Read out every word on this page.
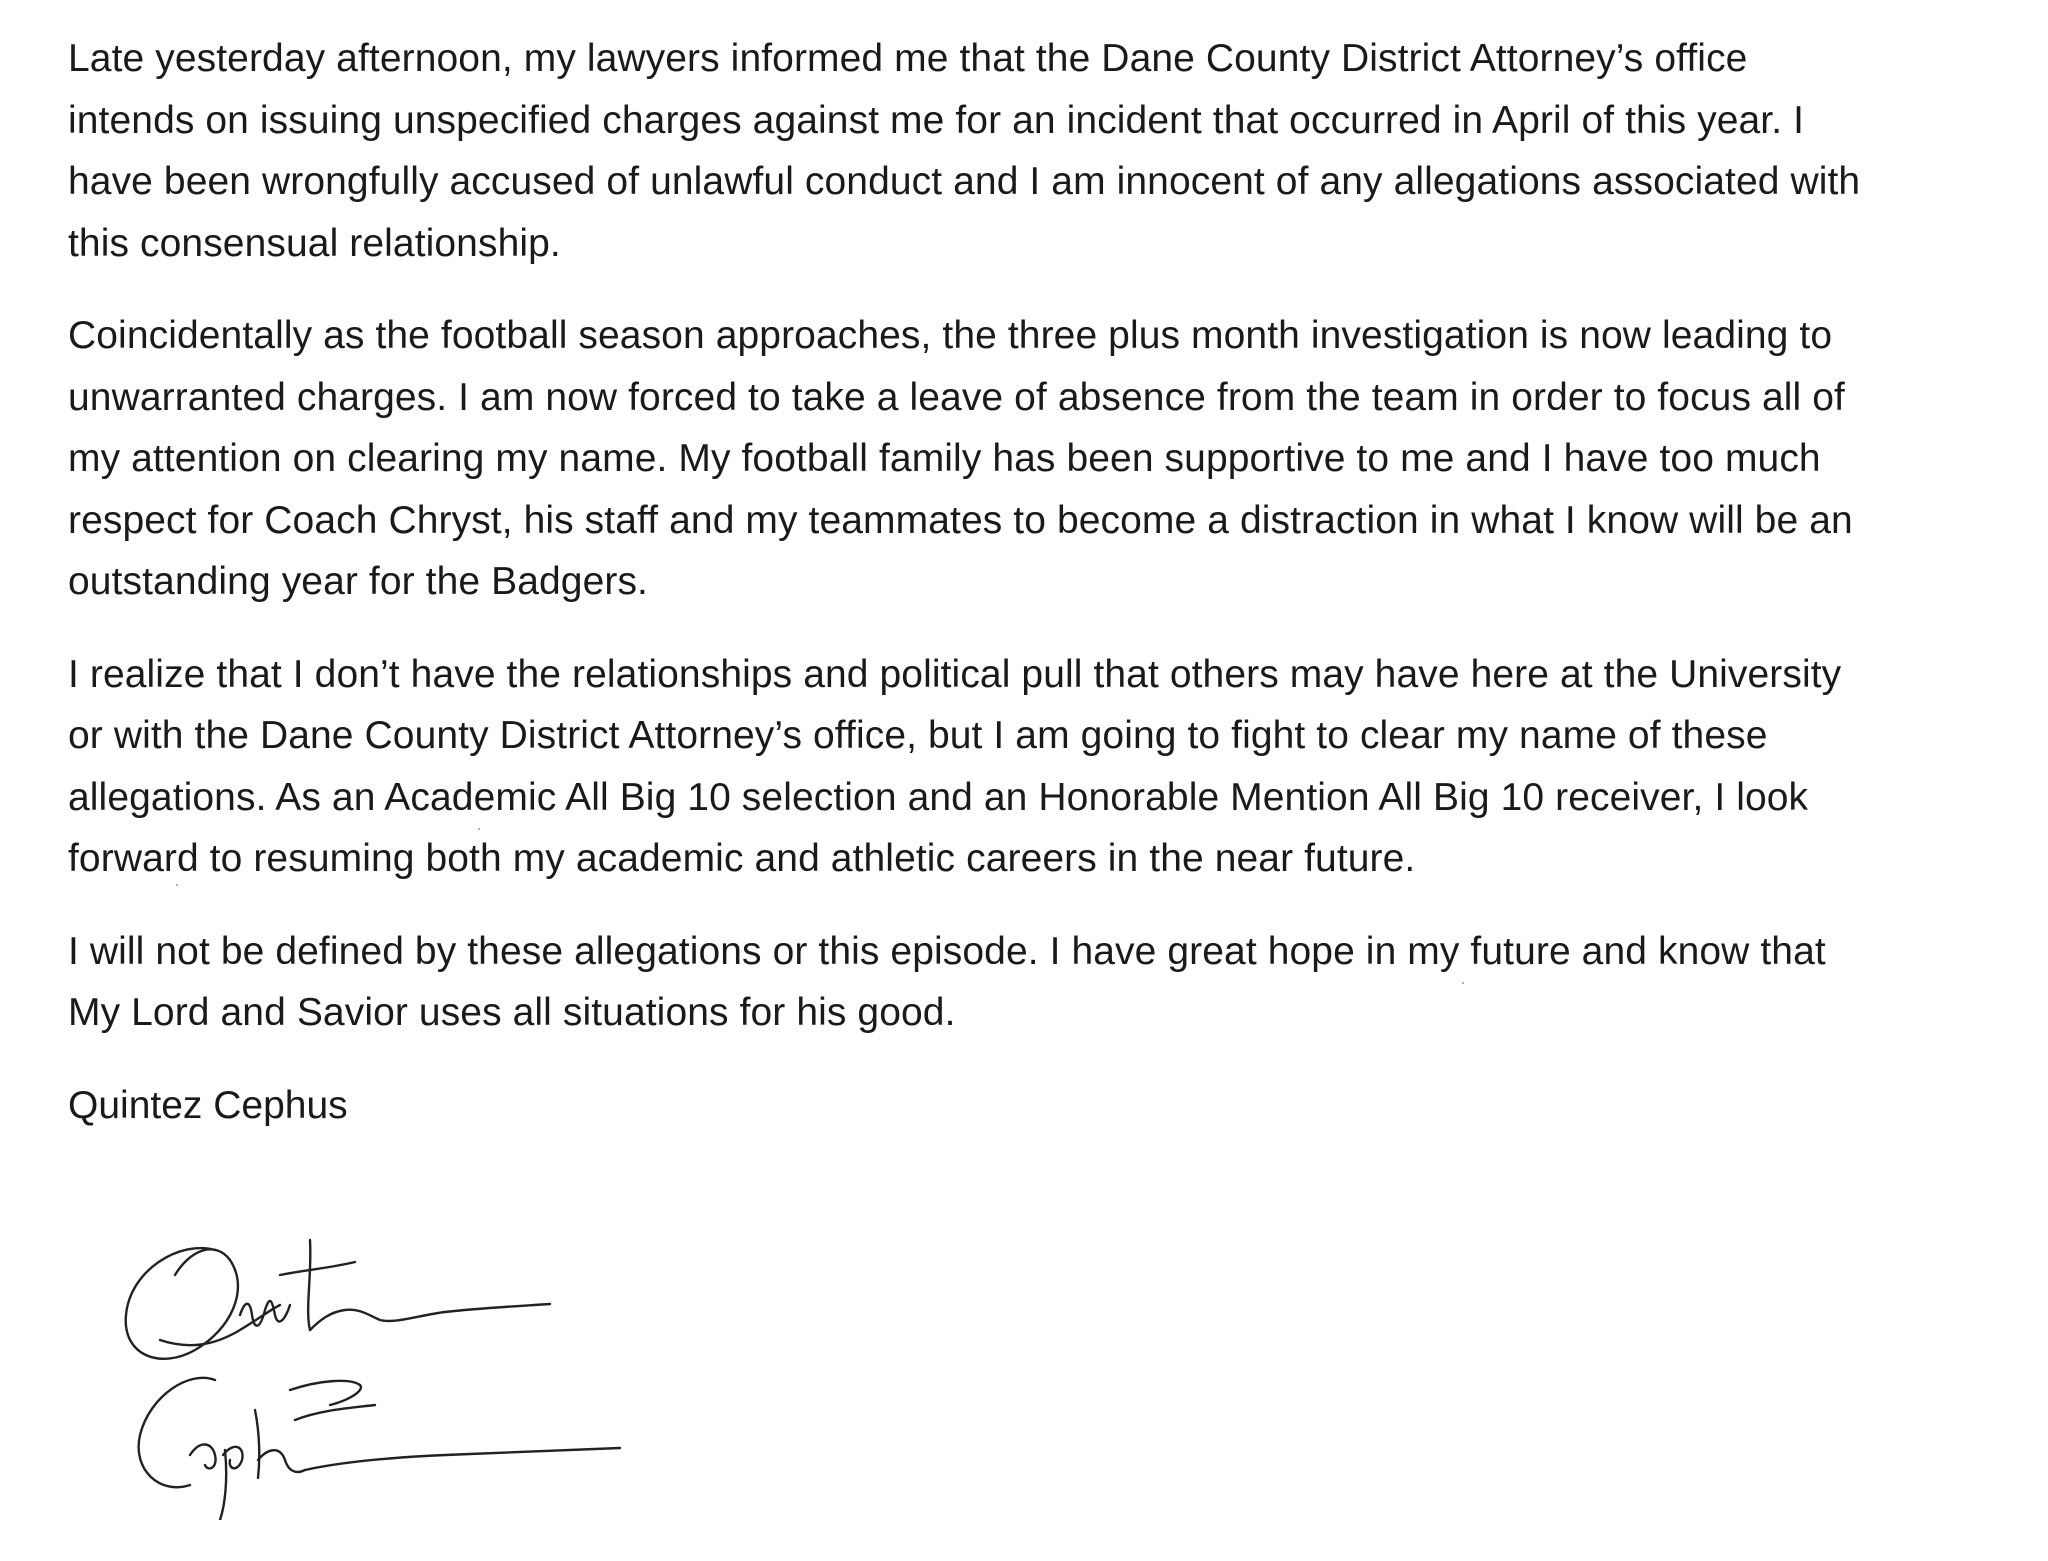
Late yesterday afternoon, my lawyers informed me that the Dane County District Attorney’s office

intends on issuing unspecified charges against me for an incident that occurred in April of this year. I

have been wrongfully accused of unlawful conduct and I am innocent of any allegations associated with

this consensual relationship.

Coincidentally as the football season approaches, the three plus month investigation is now leading to

unwarranted charges. I am now forced to take a leave of absence from the team in order to focus all of

my attention on clearing my name. My football family has been supportive to me and I have too much

respect for Coach Chryst, his staff and my teammates to become a distraction in what I know will be an

outstanding year for the Badgers.

I realize that I don’t have the relationships and political pull that others may have here at the University

or with the Dane County District Attorney’s office, but I am going to fight to clear my name of these

allegations. As an Academic All Big 10 selection and an Honorable Mention All Big 10 receiver, I look

forward to resuming both my academic and athletic careers in the near future.

I will not be defined by these allegations or this episode. I have great hope in my future and know that

My Lord and Savior uses all situations for his good.

Quintez Cephus
